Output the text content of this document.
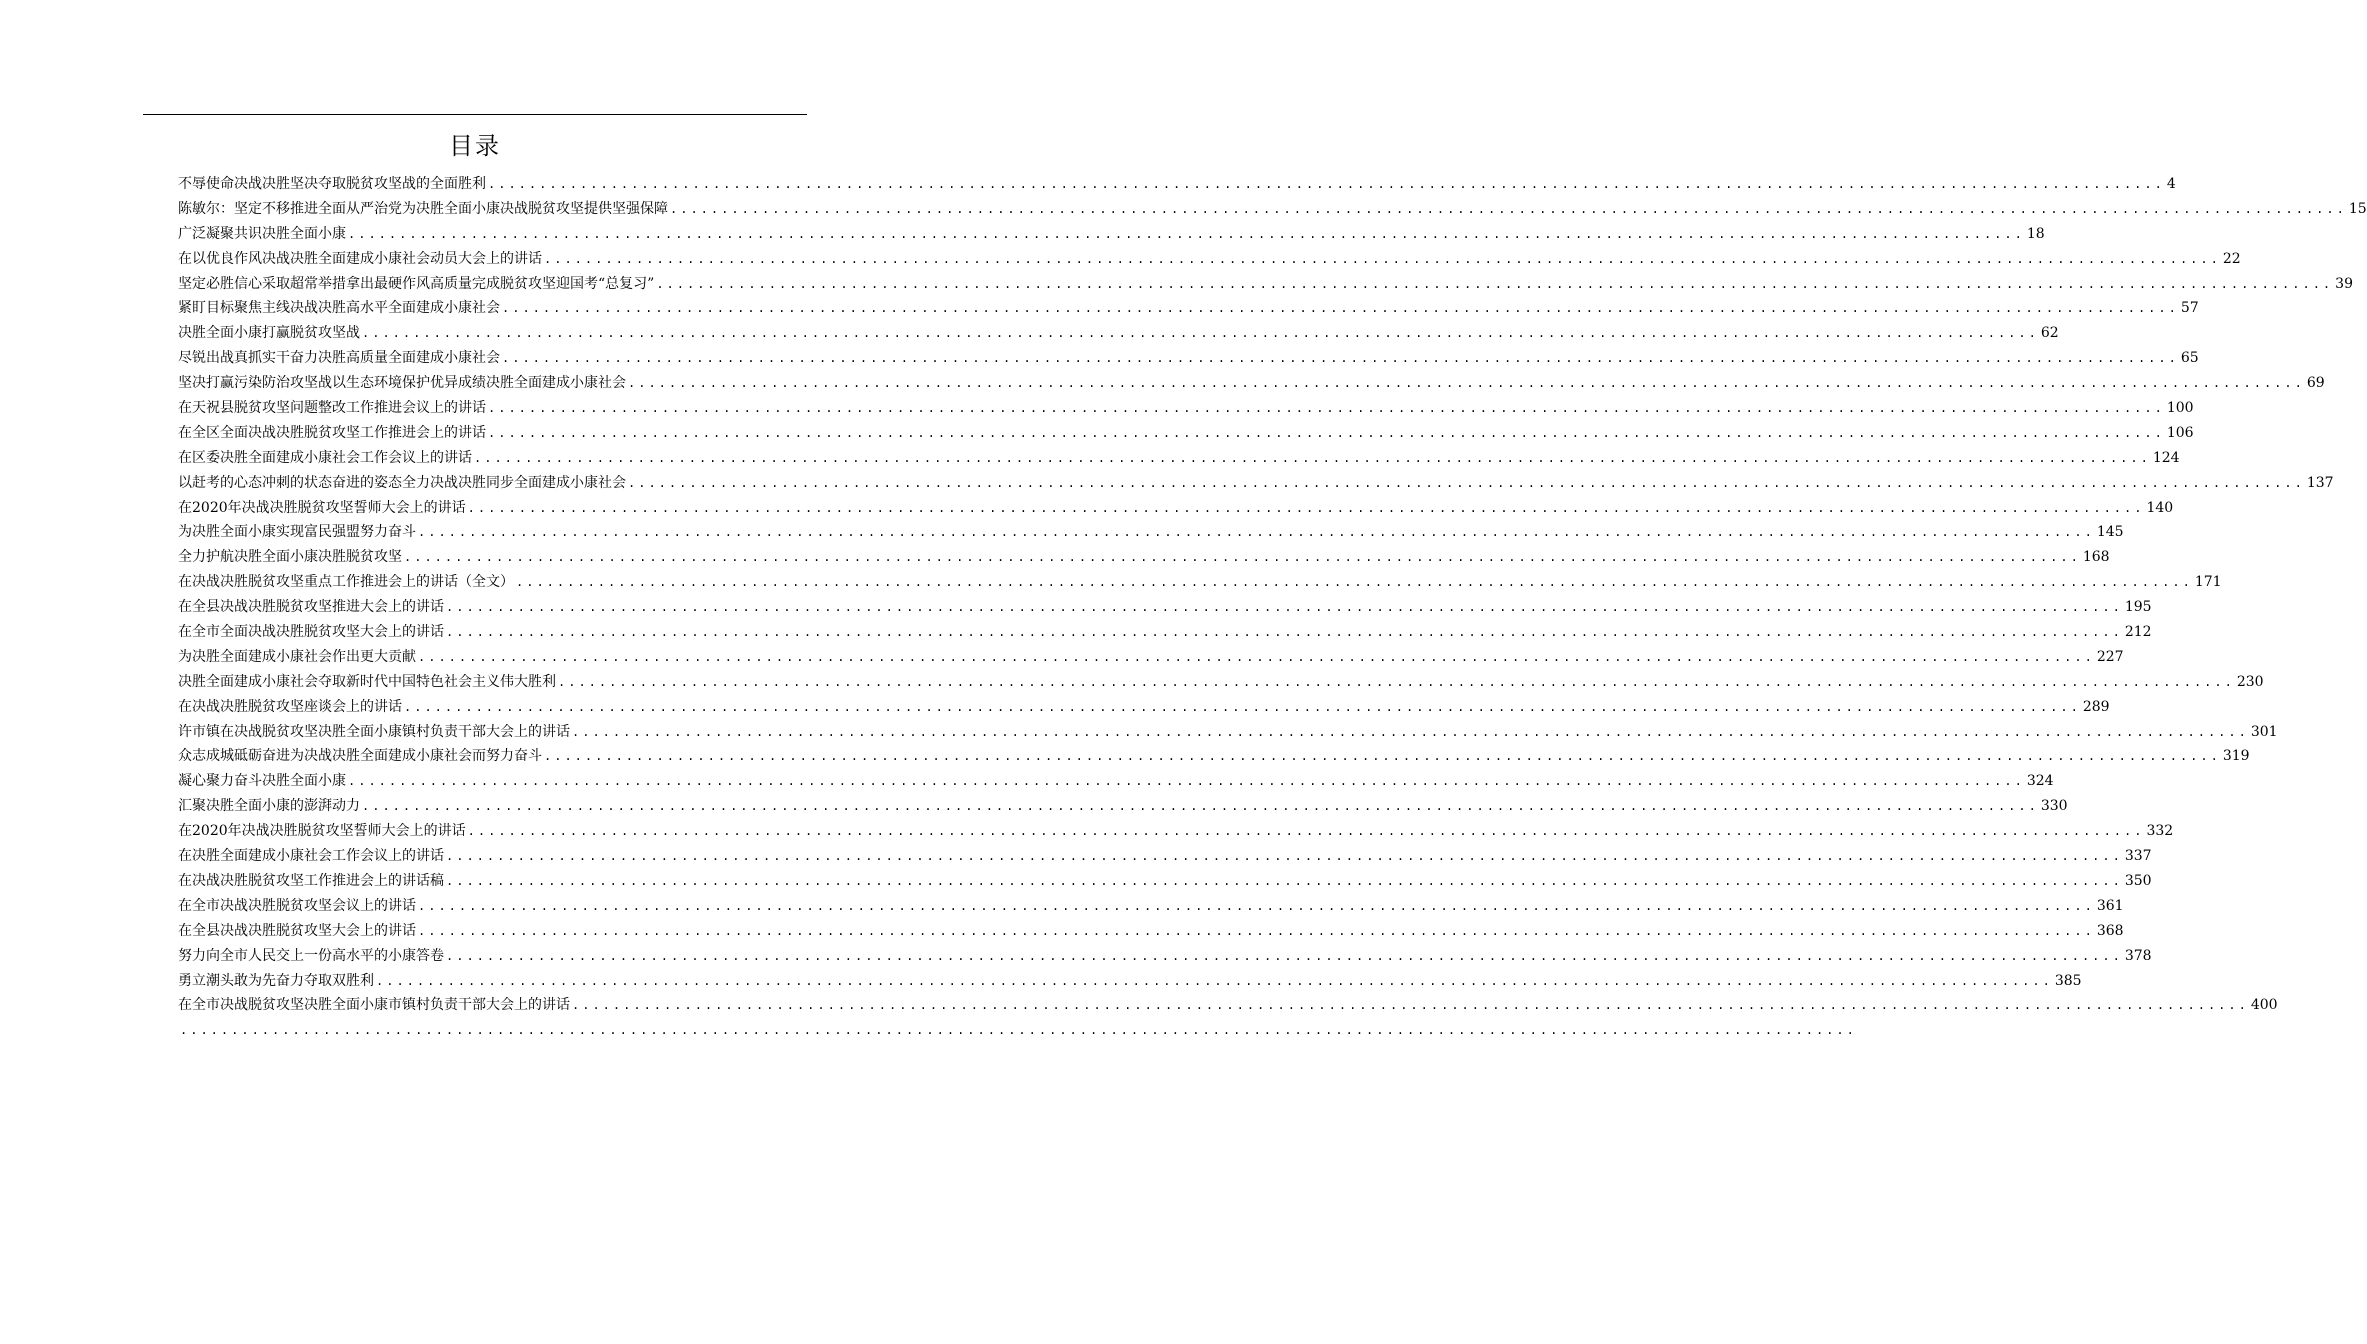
目录
不辱使命决战决胜坚决夺取脱贫攻坚战的全面胜利 .....	4
陈敏尔：坚定不移推进全面从严治党为决胜全面小康决战脱贫攻坚提供坚强保障 .....	15
广泛凝聚共识决胜全面小康 .....	18
在以优良作风决战决胜全面建成小康社会动员大会上的讲话 .....	22
坚定必胜信心采取超常举措拿出最硬作风高质量完成脱贫攻坚迎国考“总复习” .....	39
紧盯目标聚焦主线决战决胜高水平全面建成小康社会 .....	57
决胜全面小康打赢脱贫攻坚战 .....	62
尽锐出战真抓实干奋力决胜高质量全面建成小康社会 .....	65
坚决打赢污染防治攻坚战以生态环境保护优异成绩决胜全面建成小康社会 .....	69
在天祝县脱贫攻坚问题整改工作推进会议上的讲话 .....	100
在全区全面决战决胜脱贫攻坚工作推进会上的讲话 .....	106
在区委决胜全面建成小康社会工作会议上的讲话 .....	124
以赶考的心态冲刺的状态奋进的姿态全力决战决胜同步全面建成小康社会 .....	137
在2020年决战决胜脱贫攻坚誓师大会上的讲话 .....	140
为决胜全面小康实现富民强盟努力奋斗 .....	145
全力护航决胜全面小康决胜脱贫攻坚 .....	168
在决战决胜脱贫攻坚重点工作推进会上的讲话（全文） .....	171
在全县决战决胜脱贫攻坚推进大会上的讲话 .....	195
在全市全面决战决胜脱贫攻坚大会上的讲话 .....	212
为决胜全面建成小康社会作出更大贡献 .....	227
决胜全面建成小康社会夺取新时代中国特色社会主义伟大胜利 .....	230
在决战决胜脱贫攻坚座谈会上的讲话 .....	289
许市镇在决战脱贫攻坚决胜全面小康镇村负责干部大会上的讲话 .....	301
众志成城砥砺奋进为决战决胜全面建成小康社会而努力奋斗 .....	319
凝心聚力奋斗决胜全面小康 .....	324
汇聚决胜全面小康的澎湃动力 .....	330
在2020年决战决胜脱贫攻坚誓师大会上的讲话 .....	332
在决胜全面建成小康社会工作会议上的讲话 .....	337
在决战决胜脱贫攻坚工作推进会上的讲话稿 .....	350
在全市决战决胜脱贫攻坚会议上的讲话 .....	361
在全县决战决胜脱贫攻坚大会上的讲话 .....	368
努力向全市人民交上一份高水平的小康答卷 .....	378
勇立潮头敢为先奋力夺取双胜利 .....	385
在全市决战脱贫攻坚决胜全面小康市镇村负责干部大会上的讲话 .....	400
.....
